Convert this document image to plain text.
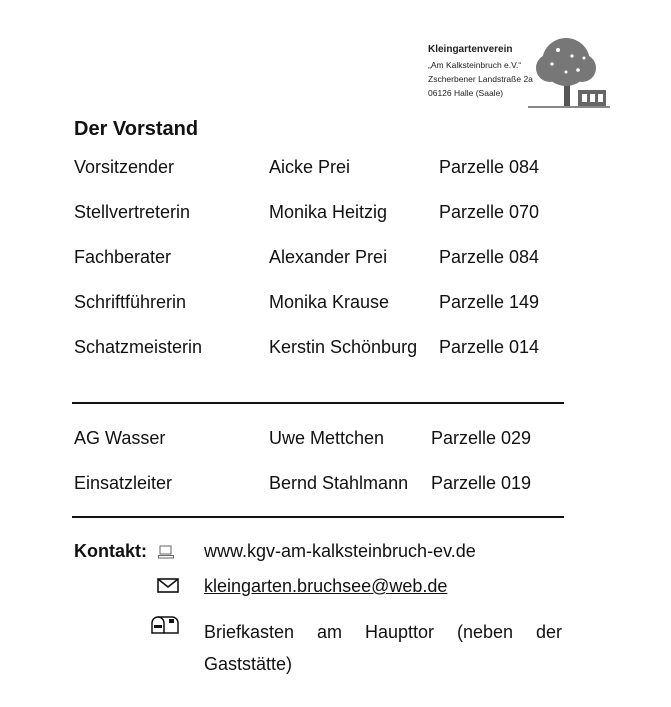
Kleingartenverein
„Am Kalksteinbruch e.V.“
Zscherbener Landstraße 2a
06126 Halle (Saale)
Der Vorstand
Vorsitzender	Aicke Prei	Parzelle 084
Stellvertreterin	Monika Heitzig	Parzelle 070
Fachberater	Alexander Prei	Parzelle 084
Schriftführerin	Monika Krause	Parzelle 149
Schatzmeisterin	Kerstin Schönburg Parzelle 014
AG Wasser	Uwe Mettchen	Parzelle 029
Einsatzleiter	Bernd Stahlmann Parzelle 019
Kontakt:	www.kgv-am-kalksteinbruch-ev.de
kleingarten.bruchsee@web.de
Briefkasten am Haupttor (neben der
Gaststätte)
